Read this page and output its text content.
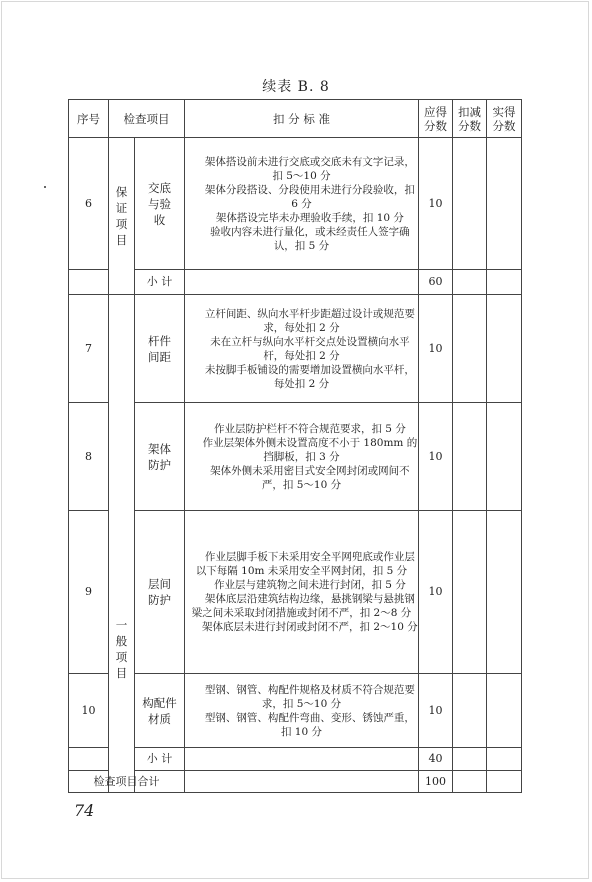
续表 B. 8
序号	检查项目		扣 分 标 准	应得分数	扣减分数	实得分数
6	保证项目	交底与验收	架体搭设前未进行交底或交底未有文字记录，扣 5～10 分

架体分段搭设、分段使用未进行分段验收，扣 6 分

架体搭设完毕未办理验收手续，扣 10 分

验收内容未进行量化，或未经责任人签字确认，扣 5 分	10		
		小 计		60		
7	一般项目	杆件间距	立杆间距、纵向水平杆步距超过设计或规范要求，每处扣 2 分

未在立杆与纵向水平杆交点处设置横向水平杆，每处扣 2 分

未按脚手板铺设的需要增加设置横向水平杆，每处扣 2 分	10		
8		架体防护	作业层防护栏杆不符合规范要求，扣 5 分

作业层架体外侧未设置高度不小于 180mm 的挡脚板，扣 3 分

架体外侧未采用密目式安全网封闭或网间不严，扣 5～10 分	10		
9		层间防护	作业层脚手板下未采用安全平网兜底或作业层以下每隔 10m 未采用安全平网封闭，扣 5 分

作业层与建筑物之间未进行封闭，扣 5 分

架体底层沿建筑结构边缘，悬挑钢梁与悬挑钢梁之间未采取封闭措施或封闭不严，扣 2～8 分

架体底层未进行封闭或封闭不严，扣 2～10 分	10		
10		构配件材质	型钢、钢管、构配件规格及材质不符合规范要求，扣 5～10 分

型钢、钢管、构配件弯曲、变形、锈蚀严重，扣 10 分	10		
		小 计		40		
检查项目合计				100		
74
